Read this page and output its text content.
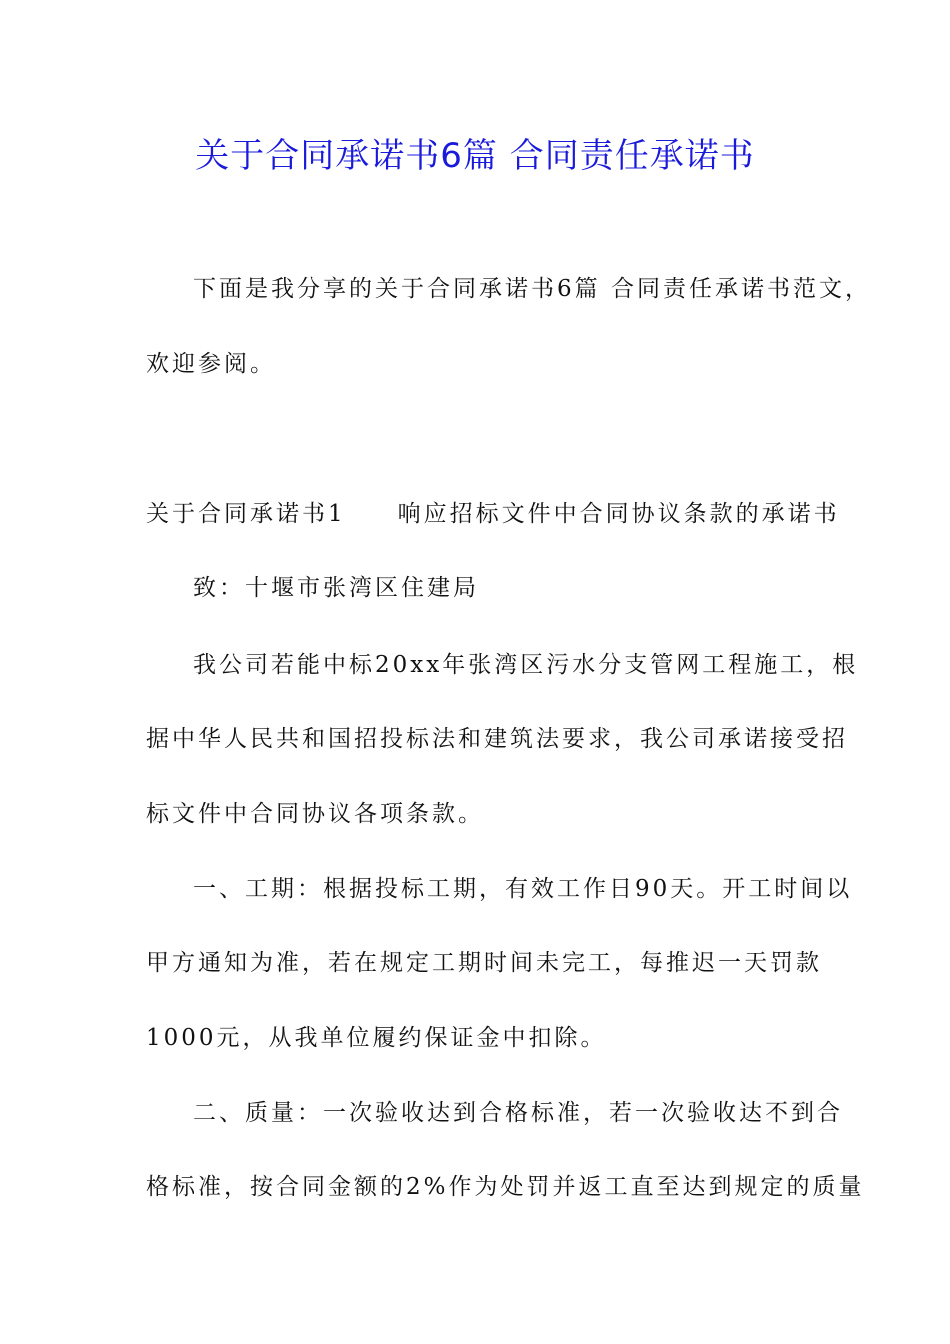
关于合同承诺书6篇 合同责任承诺书
下面是我分享的关于合同承诺书6篇 合同责任承诺书范文，
欢迎参阅。
关于合同承诺书1 响应招标文件中合同协议条款的承诺书
致：十堰市张湾区住建局
我公司若能中标20xx年张湾区污水分支管网工程施工，根
据中华人民共和国招投标法和建筑法要求，我公司承诺接受招
标文件中合同协议各项条款。
一、工期：根据投标工期，有效工作日90天。开工时间以
甲方通知为准，若在规定工期时间未完工，每推迟一天罚款
1000元，从我单位履约保证金中扣除。
二、质量：一次验收达到合格标准，若一次验收达不到合
格标准，按合同金额的2%作为处罚并返工直至达到规定的质量
